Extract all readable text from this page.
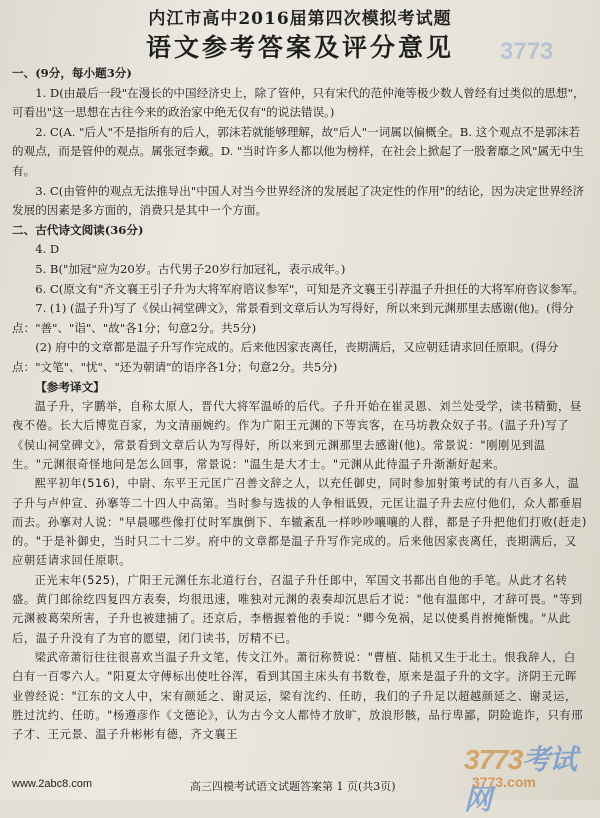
内江市高中2016届第四次模拟考试题
语文参考答案及评分意见

一、(9分，每小题3分)

1. D(由最后一段"在漫长的中国经济史上，除了管仲，只有宋代的范仲淹等极少数人曾经有过类似的思想"，可看出"这一思想在古往今来的政治家中绝无仅有"的说法错误。)

2. C(A. "后人"不是指所有的后人，郭沫若就能够理解，故"后人"一词属以偏概全。B. 这个观点不是郭沫若的观点，而是管仲的观点。属张冠李戴。D. "当时许多人都以他为榜样，在社会上掀起了一股奢靡之风"属无中生有。

3. C(由管仲的观点无法推导出"中国人对当今世界经济的发展起了决定性的作用"的结论，因为决定世界经济发展的因素是多方面的，消费只是其中一个方面。

二、古代诗文阅读(36分)

4. D

5. B("加冠"应为20岁。古代男子20岁行加冠礼，表示成年。)

6. C(原文有"齐文襄王引子升为大将军府谘议参军"，可知是齐文襄王引荐温子升担任的大将军府咨议参军。

7. (1) (温子升)写了《侯山祠堂碑文》，常景看到文章后认为写得好，所以来到元渊那里去感谢(他)。(得分点："善"、"诣"、"故"各1分；句意2分。共5分)

(2) 府中的文章都是温子升写作完成的。后来他因家丧离任，丧期满后，又应朝廷请求回任原职。(得分点："文笔"、"忧"、"还为朝请"的语序各1分；句意2分。共5分)

【参考译文】

温子升，字鹏举，自称太原人，晋代大将军温峤的后代。子升开始在崔灵恩、刘兰处受学，读书精勤，昼夜不倦。长大后博览百家，为文清丽婉约。作为广阳王元渊的下等宾客，在马坊教众奴子书。(温子升)写了《侯山祠堂碑文》，常景看到文章后认为写得好，所以来到元渊那里去感谢(他)。常景说："刚刚见到温生。"元渊很奇怪地问是怎么回事，常景说："温生是大才士。"元渊从此待温子升渐渐好起来。

熙平初年(516)，中尉、东平王元匡广召善文辞之人，以充任御史，同时参加射策考试的有八百多人，温子升与卢仲宣、孙搴等二十四人中高第。当时参与选拔的人争相诋毁，元匡让温子升去应付他们，众人都垂眉而去。孙搴对人说："早晨哪些像打仗时军旗倒下、车辙紊乱一样吵吵嚷嚷的人群，都是子升把他们打败(赶走)的。"于是补御史，当时只二十二岁。府中的文章都是温子升写作完成的。后来他因家丧离任，丧期满后，又应朝廷请求回任原职。

正光末年(525)，广阳王元渊任东北道行台，召温子升任郎中，军国文书都出自他的手笔。从此才名转盛。黄门郎徐纥四复四方表奏，均很迅速，唯独对元渊的表奏却沉思后才说："他有温郎中，才辞可畏。"等到元渊被葛荣所害，子升也被建捕了。还京后，李楷握着他的手说："卿今免祸，足以使奚肖拊掩惭愧。"从此后，温子升没有了为官的愿望，闭门读书，厉精不已。

梁武帝萧衍往往很喜欢当温子升文笔，传文江外。萧衍称赞说："曹植、陆机又生于北土。恨我辞人，白白有一百零六人。"阳夏太守傅标出使吐谷浑，看到其国主床头有书数卷，原来是温子升的文字。济阴王元晖业曾经说："江东的文人中，宋有颜延之、谢灵运，梁有沈约、任昉，我们的子升足以超越颜延之、谢灵运，胜过沈约、任昉。"杨遵彦作《文德论》，认为古今文人都恃才放旷，放浪形骸，品行卑鄙，阴险诡诈，只有邢子才、王元景、温子升彬彬有德，齐文襄王

www.2abc8.com	高三四模考试语文试题答案第 1 页(共3页)
3773
3773考试网
3773.com
